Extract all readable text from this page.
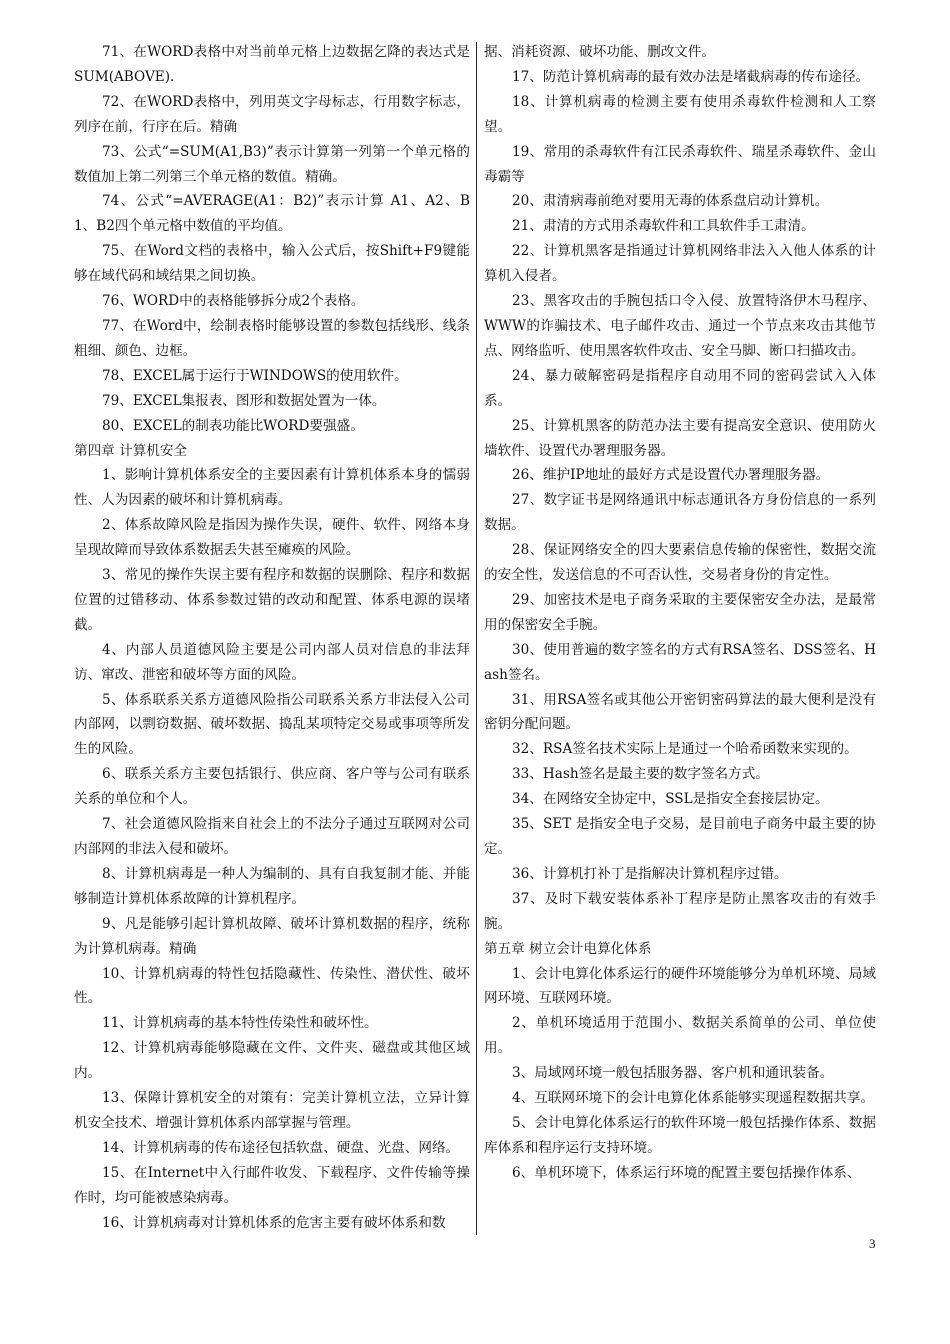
71、在WORD表格中对当前单元格上边数据乞降的表达式是SUM(ABOVE).

72、在WORD表格中，列用英文字母标志，行用数字标志，列序在前，行序在后。精确

73、公式“=SUM(A1,B3)”表示计算第一列第一个单元格的数值加上第二列第三个单元格的数值。精确。

74、公式“=AVERAGE(A1：B2)”表示计算 A1、A2、B1、B2四个单元格中数值的平均值。

75、在Word文档的表格中，输入公式后，按Shift+F9键能够在域代码和域结果之间切换。

76、WORD中的表格能够拆分成2个表格。

77、在Word中，绘制表格时能够设置的参数包括线形、线条粗细、颜色、边框。

78、EXCEL属于运行于WINDOWS的使用软件。

79、EXCEL集报表、图形和数据处置为一体。

80、EXCEL的制表功能比WORD要强盛。

第四章 计算机安全

1、影响计算机体系安全的主要因素有计算机体系本身的懦弱性、人为因素的破坏和计算机病毒。

2、体系故障风险是指因为操作失误，硬件、软件、网络本身呈现故障而导致体系数据丢失甚至瘫痪的风险。

3、常见的操作失误主要有程序和数据的误删除、程序和数据位置的过错移动、体系参数过错的改动和配置、体系电源的误堵截。

4、内部人员道德风险主要是公司内部人员对信息的非法拜访、窜改、泄密和破坏等方面的风险。

5、体系联系关系方道德风险指公司联系关系方非法侵入公司内部网，以剽窃数据、破坏数据、捣乱某项特定交易或事项等所发生的风险。

6、联系关系方主要包括银行、供应商、客户等与公司有联系关系的单位和个人。

7、社会道德风险指来自社会上的不法分子通过互联网对公司内部网的非法入侵和破坏。

8、计算机病毒是一种人为编制的、具有自我复制才能、并能够制造计算机体系故障的计算机程序。

9、凡是能够引起计算机故障、破坏计算机数据的程序，统称为计算机病毒。精确

10、计算机病毒的特性包括隐藏性、传染性、潜伏性、破坏性。

11、计算机病毒的基本特性传染性和破坏性。

12、计算机病毒能够隐藏在文件、文件夹、磁盘或其他区域内。

13、保障计算机安全的对策有：完美计算机立法，立异计算机安全技术、增强计算机体系内部掌握与管理。

14、计算机病毒的传布途径包括软盘、硬盘、光盘、网络。

15、在Internet中入行邮件收发、下载程序、文件传输等操作时，均可能被感染病毒。

16、计算机病毒对计算机体系的危害主要有破坏体系和数

据、消耗资源、破坏功能、删改文件。

17、防范计算机病毒的最有效办法是堵截病毒的传布途径。

18、计算机病毒的检测主要有使用杀毒软件检测和人工察望。

19、常用的杀毒软件有江民杀毒软件、瑞星杀毒软件、金山毒霸等

20、肃清病毒前绝对要用无毒的体系盘启动计算机。

21、肃清的方式用杀毒软件和工具软件手工肃清。

22、计算机黑客是指通过计算机网络非法入入他人体系的计算机入侵者。

23、黑客攻击的手腕包括口令入侵、放置特洛伊木马程序、WWW的诈骗技术、电子邮件攻击、通过一个节点来攻击其他节点、网络监听、使用黑客软件攻击、安全马脚、断口扫描攻击。

24、暴力破解密码是指程序自动用不同的密码尝试入入体系。

25、计算机黑客的防范办法主要有提高安全意识、使用防火墙软件、设置代办署理服务器。

26、维护IP地址的最好方式是设置代办署理服务器。

27、数字证书是网络通讯中标志通讯各方身份信息的一系列数据。

28、保证网络安全的四大要素信息传输的保密性，数据交流的安全性，发送信息的不可否认性，交易者身份的肯定性。

29、加密技术是电子商务采取的主要保密安全办法，是最常用的保密安全手腕。

30、使用普遍的数字签名的方式有RSA签名、DSS签名、Hash签名。

31、用RSA签名或其他公开密钥密码算法的最大便利是没有密钥分配问题。

32、RSA签名技术实际上是通过一个哈希函数来实现的。

33、Hash签名是最主要的数字签名方式。

34、在网络安全协定中，SSL是指安全套接层协定。

35、SET 是指安全电子交易，是目前电子商务中最主要的协定。

36、计算机打补丁是指解决计算机程序过错。

37、及时下载安装体系补丁程序是防止黑客攻击的有效手腕。

第五章 树立会计电算化体系

1、会计电算化体系运行的硬件环境能够分为单机环境、局域网环境、互联网环境。

2、单机环境适用于范围小、数据关系简单的公司、单位使用。

3、局域网环境一般包括服务器、客户机和通讯装备。

4、互联网环境下的会计电算化体系能够实现遥程数据共享。

5、会计电算化体系运行的软件环境一般包括操作体系、数据库体系和程序运行支持环境。

6、单机环境下，体系运行环境的配置主要包括操作体系、

3
